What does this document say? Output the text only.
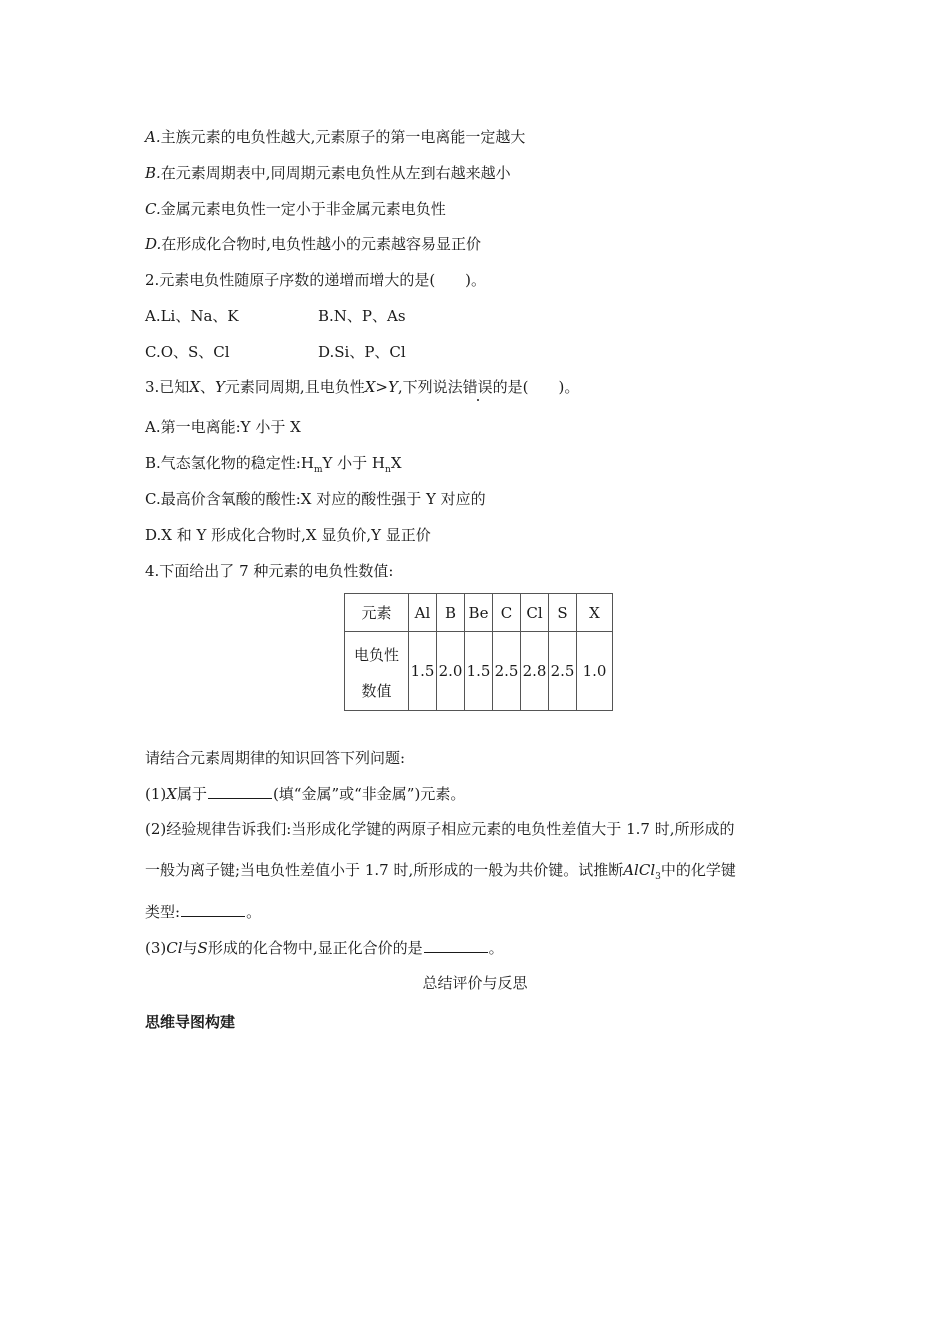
A.主族元素的电负性越大,元素原子的第一电离能一定越大
B.在元素周期表中,同周期元素电负性从左到右越来越小
C.金属元素电负性一定小于非金属元素电负性
D.在形成化合物时,电负性越小的元素越容易显正价
2.元素电负性随原子序数的递增而增大的是(　　)。
A.Li、Na、K	B.N、P、As
C.O、S、Cl	D.Si、P、Cl
3.已知X、Y元素同周期,且电负性X>Y,下列说法错误的是(　　)。
A.第一电离能:Y 小于 X
B.气态氢化物的稳定性$:H_mY$ 小于 $H_nX$
C.最高价含氧酸的酸性:X 对应的酸性强于 Y 对应的
D.X 和 Y 形成化合物时,X 显负价,Y 显正价
4.下面给出了 7 种元素的电负性数值:
元素	Al	B	Be	C	Cl	S	X

电负性
数值	1.5	2.0	1.5	2.5	2.8	2.5	1.0
请结合元素周期律的知识回答下列问题:
(1)X属于	(填“金属”或“非金属”)元素。
(2)经验规律告诉我们:当形成化学键的两原子相应元素的电负性差值大于 1.7 时,所形成的
一般为离子键;当电负性差值小于 1.7 时,所形成的一般为共价键。试推断AlCl$_3$中的化学键
类型:	。
(3)Cl与S形成的化合物中,显正化合价的是	。
总结评价与反思
思维导图构建
